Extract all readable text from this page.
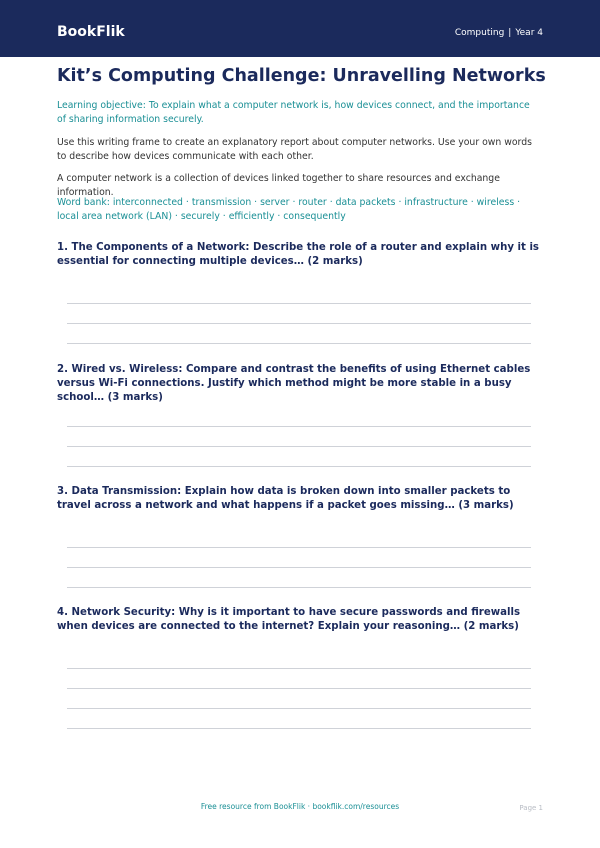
BookFlik	Computing | Year 4
Kit’s Computing Challenge: Unravelling Networks

Learning objective: To explain what a computer network is, how devices connect, and the importance of sharing information securely.

Use this writing frame to create an explanatory report about computer networks. Use your own words to describe how devices communicate with each other.

A computer network is a collection of devices linked together to share resources and exchange information.

Word bank: interconnected · transmission · server · router · data packets · infrastructure · wireless · local area network (LAN) · securely · efficiently · consequently

1. The Components of a Network: Describe the role of a router and explain why it is essential for connecting multiple devices… (2 marks)

2. Wired vs. Wireless: Compare and contrast the benefits of using Ethernet cables versus Wi-Fi connections. Justify which method might be more stable in a busy school… (3 marks)

3. Data Transmission: Explain how data is broken down into smaller packets to travel across a network and what happens if a packet goes missing… (3 marks)

4. Network Security: Why is it important to have secure passwords and firewalls when devices are connected to the internet? Explain your reasoning… (2 marks)

Free resource from BookFlik · bookflik.com/resources	Page 1
